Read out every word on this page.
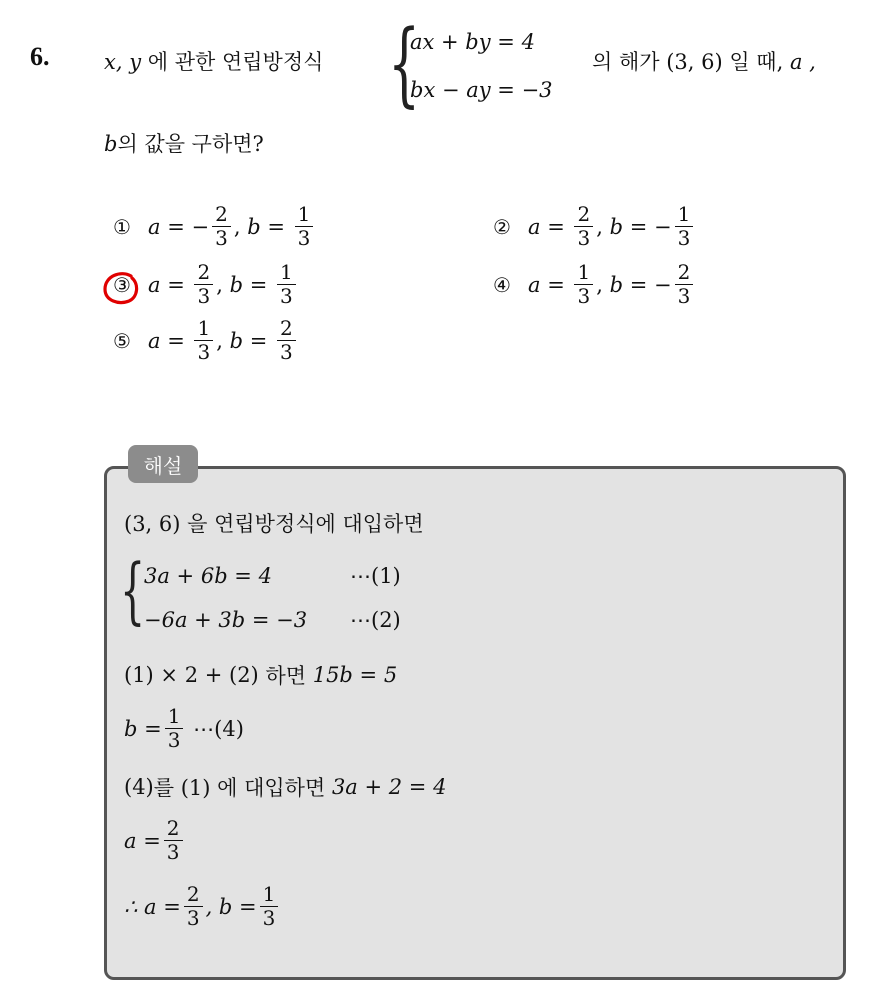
6.	x, y 에 관한 연립방정식 {
ax + by = 4
bx − ay = −3
의 해가 (3, 6) 일 때, a ,
b의 값을 구하면?
① a = − $\frac{2}{3}$ , $b = \frac{1}{3}$	② $a = \frac{2}{3}$ , b = − $\frac{1}{3}$
③ $a = \frac{2}{3}$ , $b = \frac{1}{3}$	④ $a = \frac{1}{3}$ , b = − $\frac{2}{3}$
⑤ $a = \frac{1}{3}$ , $b = \frac{2}{3}$
해설
(3, 6) 을 연립방정식에 대입하면
{
3a + 6b = 4	⋯(1)
−6a + 3b = −3	⋯(2)
(1) × 2 + (2)
하면
15b = 5
$b = \frac{1}{3}$
⋯(4)
(4) 를 (1) 에 대입하면
3a + 2 = 4
$a = \frac{2}{3}$
∴ $a = \frac{2}{3}$ , $b = \frac{1}{3}$
